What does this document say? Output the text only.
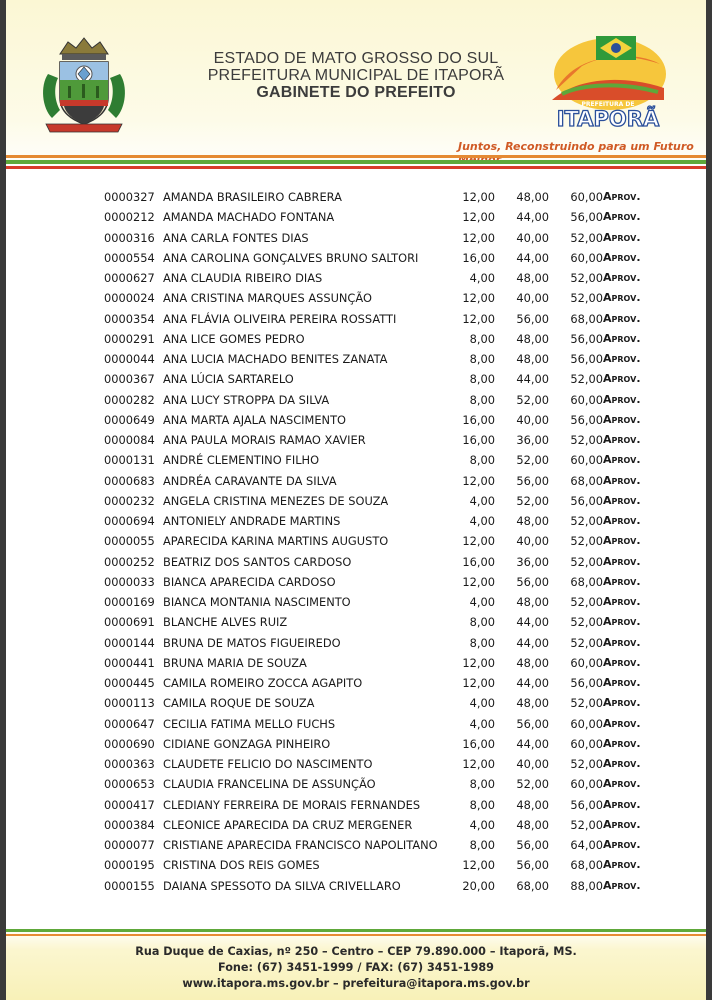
ESTADO DE MATO GROSSO DO SUL
PREFEITURA MUNICIPAL DE ITAPORÃ
GABINETE DO PREFEITO
PREFEITURA DE
ITAPORÃ
Juntos, Reconstruindo para um Futuro
0000327 AMANDA BRASILEIRO CABRERA	12,00 48,00 60,00 Aprov.
0000212 AMANDA MACHADO FONTANA	12,00 44,00 56,00 Aprov.
0000316 ANA CARLA FONTES DIAS	12,00 40,00 52,00 Aprov.
0000554 ANA CAROLINA GONÇALVES BRUNO SALTORI	16,00 44,00 60,00 Aprov.
0000627 ANA CLAUDIA RIBEIRO DIAS	4,00 48,00 52,00 Aprov.
0000024 ANA CRISTINA MARQUES ASSUNÇÃO	12,00 40,00 52,00 Aprov.
0000354 ANA FLÁVIA OLIVEIRA PEREIRA ROSSATTI	12,00 56,00 68,00 Aprov.
0000291 ANA LICE GOMES PEDRO	8,00 48,00 56,00 Aprov.
0000044 ANA LUCIA MACHADO BENITES ZANATA	8,00 48,00 56,00 Aprov.
0000367 ANA LÚCIA SARTARELO	8,00 44,00 52,00 Aprov.
0000282 ANA LUCY STROPPA DA SILVA	8,00 52,00 60,00 Aprov.
0000649 ANA MARTA AJALA NASCIMENTO	16,00 40,00 56,00 Aprov.
0000084 ANA PAULA MORAIS RAMAO XAVIER	16,00 36,00 52,00 Aprov.
0000131 ANDRÉ CLEMENTINO FILHO	8,00 52,00 60,00 Aprov.
0000683 ANDRÉA CARAVANTE DA SILVA	12,00 56,00 68,00 Aprov.
0000232 ANGELA CRISTINA MENEZES DE SOUZA	4,00 52,00 56,00 Aprov.
0000694 ANTONIELY ANDRADE MARTINS	4,00 48,00 52,00 Aprov.
0000055 APARECIDA KARINA MARTINS AUGUSTO	12,00 40,00 52,00 Aprov.
0000252 BEATRIZ DOS SANTOS CARDOSO	16,00 36,00 52,00 Aprov.
0000033 BIANCA APARECIDA CARDOSO	12,00 56,00 68,00 Aprov.
0000169 BIANCA MONTANIA NASCIMENTO	4,00 48,00 52,00 Aprov.
0000691 BLANCHE ALVES RUIZ	8,00 44,00 52,00 Aprov.
0000144 BRUNA DE MATOS FIGUEIREDO	8,00 44,00 52,00 Aprov.
0000441 BRUNA MARIA DE SOUZA	12,00 48,00 60,00 Aprov.
0000445 CAMILA ROMEIRO ZOCCA AGAPITO	12,00 44,00 56,00 Aprov.
0000113 CAMILA ROQUE DE SOUZA	4,00 48,00 52,00 Aprov.
0000647 CECILIA FATIMA MELLO FUCHS	4,00 56,00 60,00 Aprov.
0000690 CIDIANE GONZAGA PINHEIRO	16,00 44,00 60,00 Aprov.
0000363 CLAUDETE FELICIO DO NASCIMENTO	12,00 40,00 52,00 Aprov.
0000653 CLAUDIA FRANCELINA DE ASSUNÇÃO	8,00 52,00 60,00 Aprov.
0000417 CLEDIANY FERREIRA DE MORAIS FERNANDES	8,00 48,00 56,00 Aprov.
0000384 CLEONICE APARECIDA DA CRUZ MERGENER	4,00 48,00 52,00 Aprov.
0000077 CRISTIANE APARECIDA FRANCISCO NAPOLITANO	8,00 56,00 64,00 Aprov.
0000195 CRISTINA DOS REIS GOMES	12,00 56,00 68,00 Aprov.
0000155 DAIANA SPESSOTO DA SILVA CRIVELLARO	20,00 68,00 88,00 Aprov.
Rua Duque de Caxias, nº 250 – Centro – CEP 79.890.000 – Itaporã, MS.
Fone: (67) 3451-1999 / FAX: (67) 3451-1989
www.itapora.ms.gov.br – prefeitura@itapora.ms.gov.br
